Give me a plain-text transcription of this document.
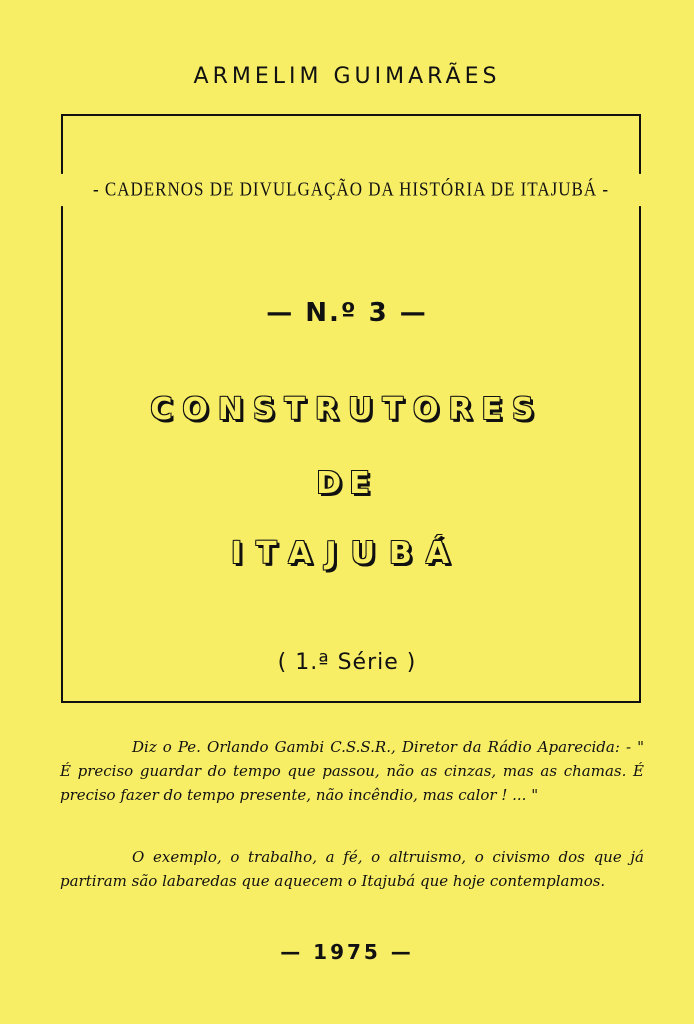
ARMELIM GUIMARÃES
- CADERNOS DE DIVULGAÇÃO DA HISTÓRIA DE ITAJUBÁ -
— N.º 3 —
CONSTRUTORES
DE
ITAJUBÁ
( 1.ª Série )

Diz o Pe. Orlando Gambi C.S.S.R., Diretor da Rádio Aparecida: - " É preciso guardar do tempo que passou, não as cinzas, mas as chamas. É preciso fazer do tempo presente, não incêndio, mas calor ! ... "

O exemplo, o trabalho, a fé, o altruismo, o civismo dos que já partiram são labaredas que aquecem o Itajubá que hoje contemplamos.

— 1975 —
